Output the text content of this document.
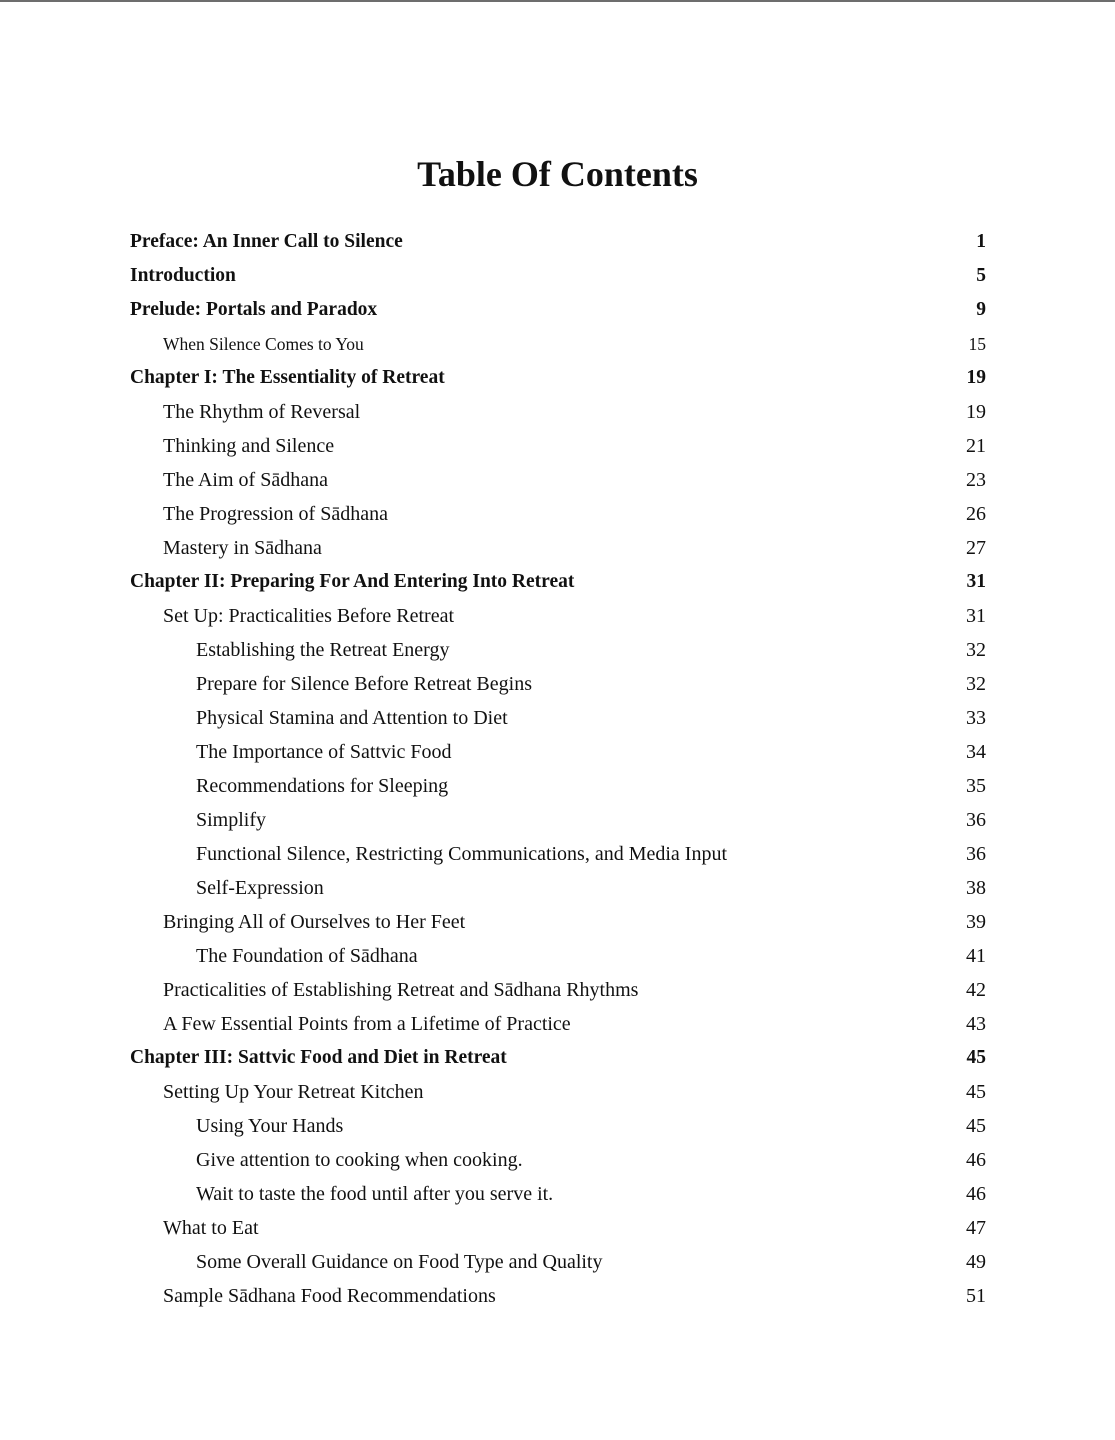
Table Of Contents
Preface: An Inner Call to Silence	1
Introduction	5
Prelude: Portals and Paradox	9
When Silence Comes to You	15
Chapter I: The Essentiality of Retreat	19
The Rhythm of Reversal	19
Thinking and Silence	21
The Aim of Sādhana	23
The Progression of Sādhana	26
Mastery in Sādhana	27
Chapter II: Preparing For And Entering Into Retreat	31
Set Up: Practicalities Before Retreat	31
Establishing the Retreat Energy	32
Prepare for Silence Before Retreat Begins	32
Physical Stamina and Attention to Diet	33
The Importance of Sattvic Food	34
Recommendations for Sleeping	35
Simplify	36
Functional Silence, Restricting Communications, and Media Input	36
Self-Expression	38
Bringing All of Ourselves to Her Feet	39
The Foundation of Sādhana	41
Practicalities of Establishing Retreat and Sādhana Rhythms	42
A Few Essential Points from a Lifetime of Practice	43
Chapter III: Sattvic Food and Diet in Retreat	45
Setting Up Your Retreat Kitchen	45
Using Your Hands	45
Give attention to cooking when cooking.	46
Wait to taste the food until after you serve it.	46
What to Eat	47
Some Overall Guidance on Food Type and Quality	49
Sample Sādhana Food Recommendations	51
